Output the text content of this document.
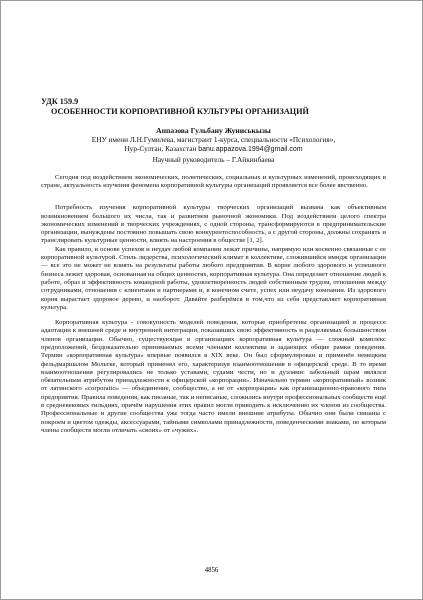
УДК 159.9
ОСОБЕННОСТИ КОРПОРАТИВНОЙ КУЛЬТУРЫ ОРГАНИЗАЦИЙ
Аппазова Гульбану Жуниськызы
ЕНУ имени Л.Н.Гумилева, магистрант 1-курса, специальности «Психология»,
Нур-Султан, Казахстан banu.appazova.1994@gmail.com
Научный руководитель – Г.Айкинбаева

Сегодня под воздействием экономических, политических, социальных и культурных изменений, происходящих в стране, актуальность изучения феномена корпоративной культуры организаций проявляется все более явственно.

Потребность изучения корпоративной культуры творческих организаций вызвана как объективным возникновением большого их числа, так и развитием рыночной экономики. Под воздействием целого спектра экономических изменений в творческих учреждениях, с одной стороны, трансформируются в предпринимательские организации, вынуждены постоянно повышать свою конкурентоспособность, а с другой стороны, должны сохранять и транслировать культурные ценности, влиять на настроения в обществе [1, 2].

Как правило, в основе успехов и неудач любой компании лежат причины, напрямую или косвенно связанные с ее корпоративной культурой. Стиль лидерства, психологический климат в коллективе, сложившийся имидж организации — все это не может не влиять на результаты работы любого предприятия. В корне любого здорового и успешного бизнеса лежит здоровая, основанная на общих ценностях, корпоративная культура. Она определяет отношение людей к работе, образ и эффективность командной работы, удовлетворенность людей собственным трудом, отношения между сотрудниками, отношения с клиентами и партнерами и, в конечном счете, успех или неудачу компании. Из здорового корня вырастает здоровое дерево, и наоборот. Давайте разберёмся в том,что из себя представляет корпоративная культура.

Корпоративная культура - совокупность моделей поведения, которые приобретены организацией в процессе адаптации к внешней среде и внутренней интеграции, показавших свою эффективность и разделяемых большинством членов организации. Обычно, существующая в организациях корпоративная культура — сложный комплекс предположений, бездоказательно принимаемых всеми членами коллектива и задающих общие рамки поведения. Термин «корпоративная культура» впервые появился в XIX веке. Он был сформулирован и применён немецким фельдмаршалом Мольтке, который применял его, характеризуя взаимоотношения в офицерской среде. В то время взаимоотношения регулировались не только уставами, судами чести, но и дуэлями: забельный шрам являлся обязательным атрибутом принадлежности к офицерской «корпорации». Изначально термин «корпоративный» возник от латинского «corporatio» — объединение, сообщество, а не от «корпорации» как организационно-правового типа предприятия. Правила поведения, как писаные, так и неписаные, сложились внутри профессиональных сообществ ещё в средневековых гильдиях, причём нарушения этих правил могли приводить к исключению их членов из сообщества. Профессиональные и другие сообщества уже тогда часто имели внешние атрибуты. Обычно они были связаны с покроем и цветом одежды, аксессуарами, тайными символами принадлежности, поведенческими знаками, по которым члены сообществ могли отличать «своих» от «чужих».

4856
